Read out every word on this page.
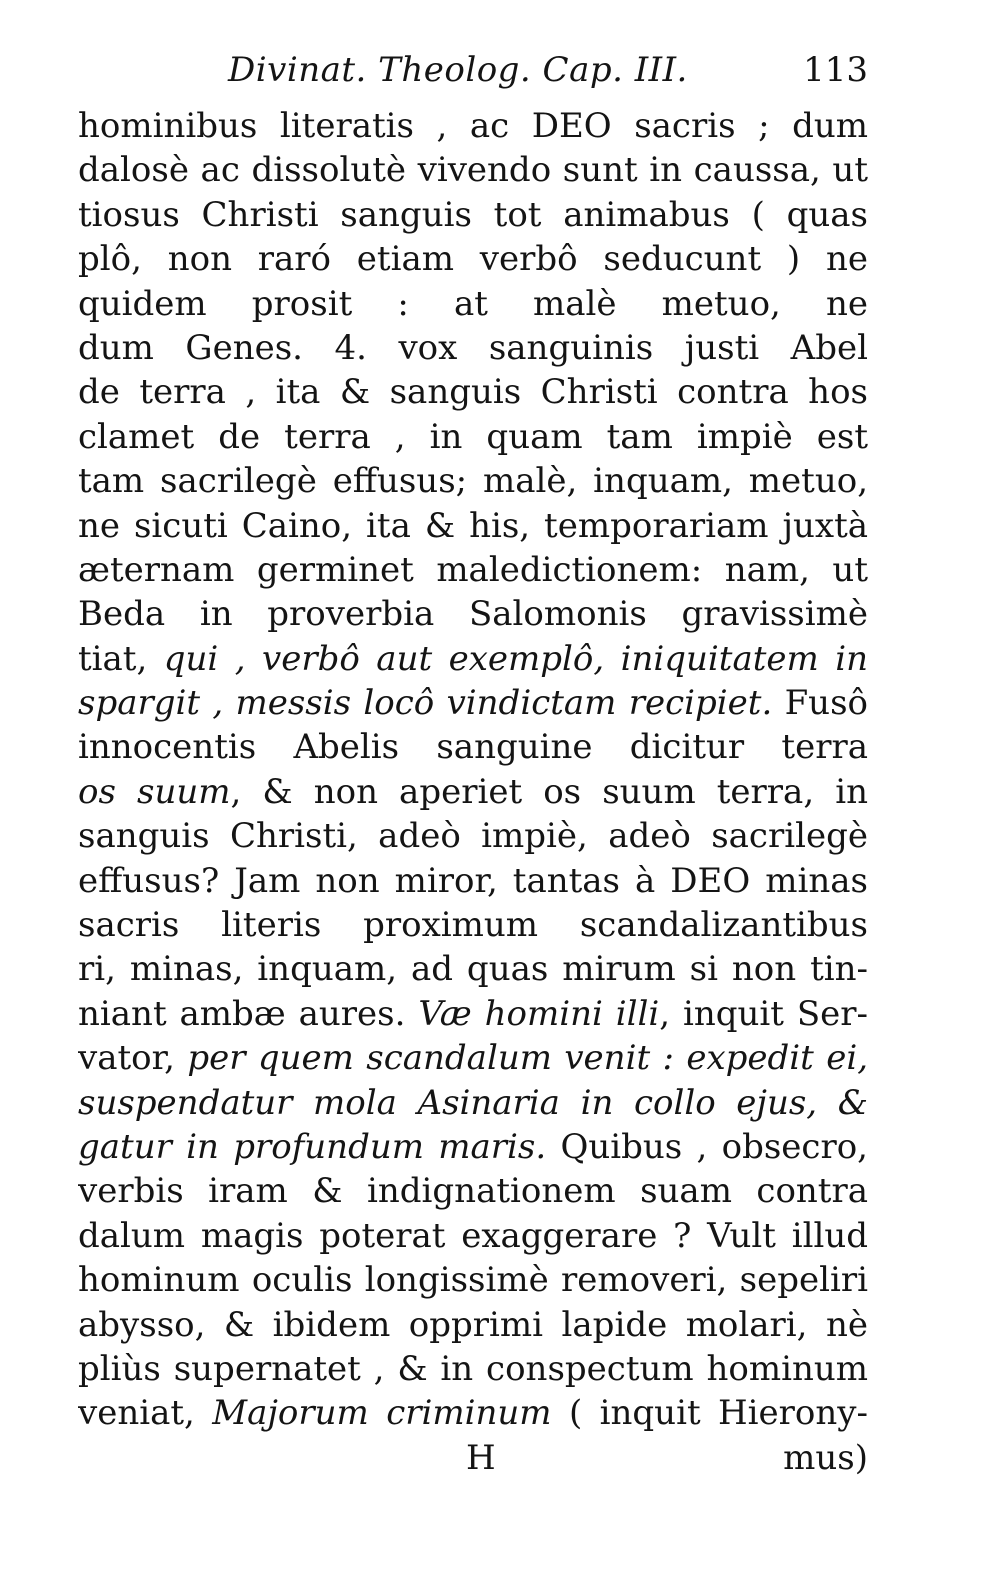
Divinat. Theolog. Cap. III.	113
hominibus literatis , ac DEO sacris ; dum
dalosè ac dissolutè vivendo sunt in caussa, ut
tiosus Christi sanguis tot animabus ( quas
plô, non raró etiam verbô seducunt ) ne
quidem prosit : at malè metuo, ne
dum Genes. 4. vox sanguinis justi Abel
de terra , ita & sanguis Christi contra hos
clamet de terra , in quam tam impiè est
tam sacrilegè effusus; malè, inquam, metuo,
ne sicuti Caino, ita & his, temporariam juxtà
æternam germinet maledictionem: nam, ut
Beda in proverbia Salomonis gravissimè
tiat, qui , verbô aut exemplô, iniquitatem in
spargit , messis locô vindictam recipiet. Fusô
innocentis Abelis sanguine dicitur terra
os suum, & non aperiet os suum terra, in
sanguis Christi, adeò impiè, adeò sacrilegè
effusus? Jam non miror, tantas à DEO minas
sacris literis proximum scandalizantibus
ri, minas, inquam, ad quas mirum si non tin-
niant ambæ aures. Væ homini illi, inquit Ser-
vator, per quem scandalum venit : expedit ei,
suspendatur mola Asinaria in collo ejus, &
gatur in profundum maris. Quibus , obsecro,
verbis iram & indignationem suam contra
dalum magis poterat exaggerare ? Vult illud
hominum oculis longissimè removeri, sepeliri
abysso, & ibidem opprimi lapide molari, nè
pliùs supernatet , & in conspectum hominum
veniat, Majorum criminum ( inquit Hierony-
H	mus)
